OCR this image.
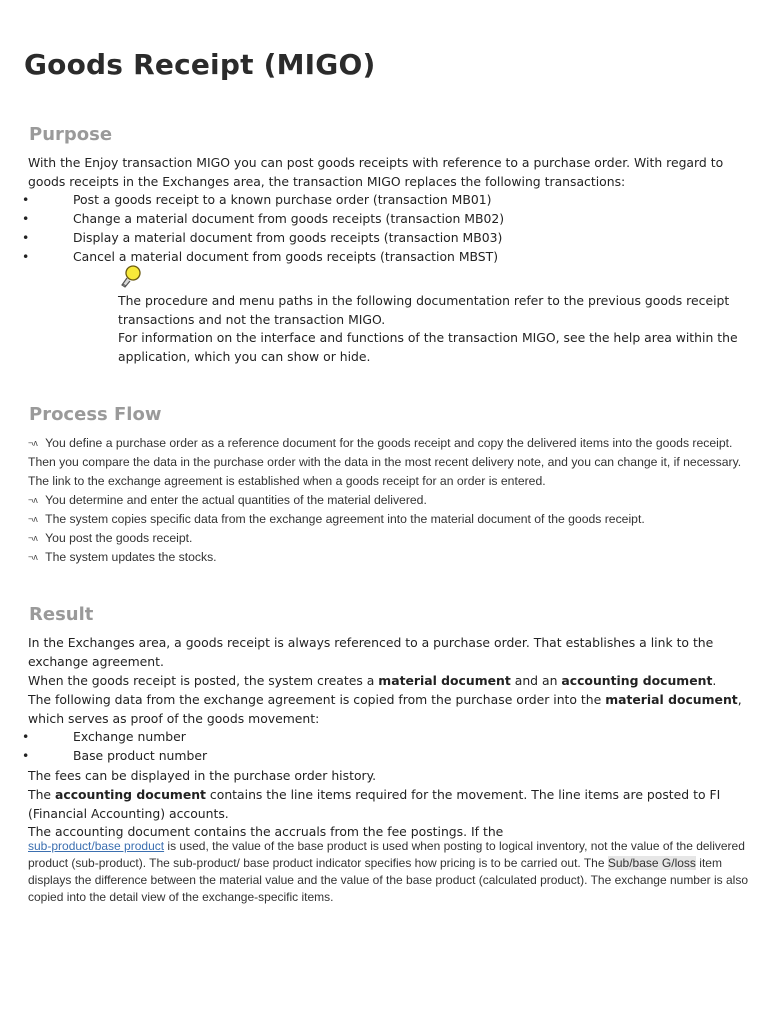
Goods Receipt (MIGO)
Purpose

With the Enjoy transaction MIGO you can post goods receipts with reference to a purchase order. With regard to goods receipts in the Exchanges area, the transaction MIGO replaces the following transactions:

•	Post a goods receipt to a known purchase order (transaction MB01)
•	Change a material document from goods receipts (transaction MB02)
•	Display a material document from goods receipts (transaction MB03)
•	Cancel a material document from goods receipts (transaction MBST)
The procedure and menu paths in the following documentation refer to the previous goods receipt transactions and not the transaction MIGO.
For information on the interface and functions of the transaction MIGO, see the help area within the application, which you can show or hide.
Process Flow
¬ʌ You define a purchase order as a reference document for the goods receipt and copy the delivered items into the goods receipt. Then you compare the data in the purchase order with the data in the most recent delivery note, and you can change it, if necessary. The link to the exchange agreement is established when a goods receipt for an order is entered.
¬ʌ You determine and enter the actual quantities of the material delivered.
¬ʌ The system copies specific data from the exchange agreement into the material document of the goods receipt.
¬ʌ You post the goods receipt.
¬ʌ The system updates the stocks.
Result

In the Exchanges area, a goods receipt is always referenced to a purchase order. That establishes a link to the exchange agreement.

When the goods receipt is posted, the system creates a material document and an accounting document.

The following data from the exchange agreement is copied from the purchase order into the material document,
which serves as proof of the goods movement:

•	Exchange number
•	Base product number

The fees can be displayed in the purchase order history.

The accounting document contains the line items required for the movement. The line items are posted to FI (Financial Accounting) accounts.

The accounting document contains the accruals from the fee postings. If the

sub-product/base product is used, the value of the base product is used when posting to logical inventory, not the value of the delivered product (sub-product). The sub-product/ base product indicator specifies how pricing is to be carried out. The Sub/base G/loss item displays the difference between the material value and the value of the base product (calculated product). The exchange number is also copied into the detail view of the exchange-specific items.
